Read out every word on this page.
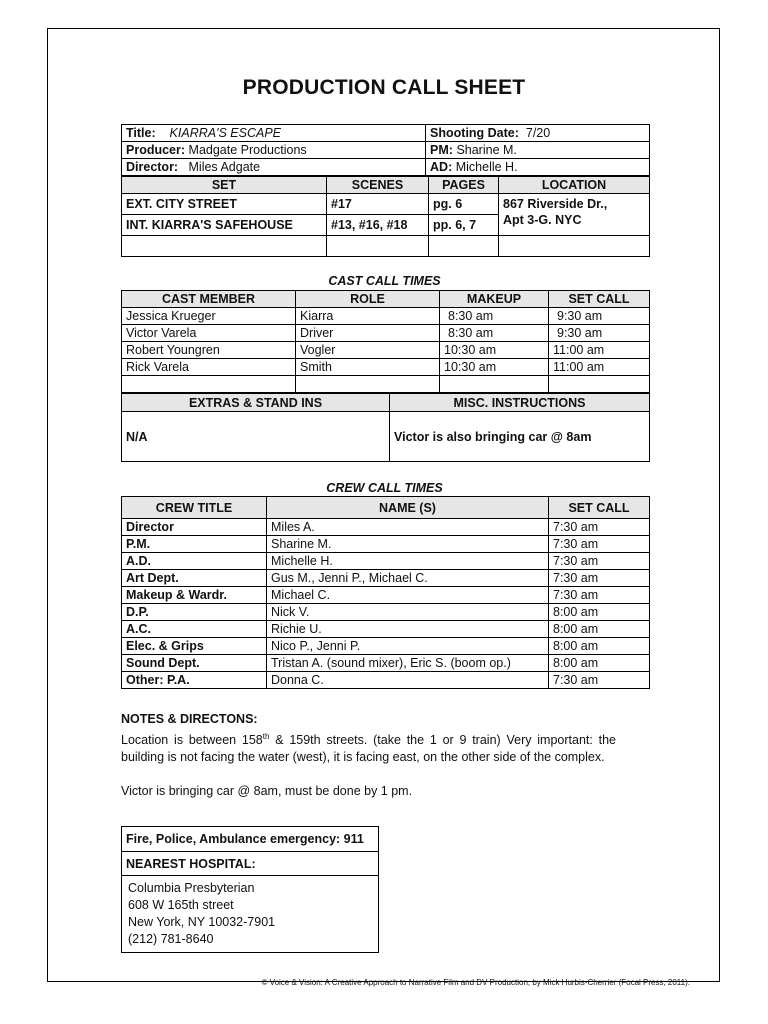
PRODUCTION CALL SHEET
Title: KIARRA'S ESCAPE	Shooting Date: 7/20
Producer: Madgate Productions	PM: Sharine M.
Director: Miles Adgate	AD: Michelle H.
SET	SCENES	PAGES	LOCATION
EXT. CITY STREET	#17	pg. 6	867 Riverside Dr.,
Apt 3-G. NYC

INT. KIARRA'S SAFEHOUSE	#13, #16, #18	pp. 6, 7	

CAST CALL TIMES
CAST MEMBER	ROLE	MAKEUP	SET CALL
Jessica Krueger	Kiarra	8:30 am	9:30 am
Victor Varela	Driver	8:30 am	9:30 am
Robert Youngren	Vogler	10:30 am	11:00 am
Rick Varela	Smith	10:30 am	11:00 am

EXTRAS & STAND INS	MISC. INSTRUCTIONS
N/A	Victor is also bringing car @ 8am
CREW CALL TIMES
CREW TITLE	NAME (S)	SET CALL
Director	Miles A.	7:30 am
P.M.	Sharine M.	7:30 am
A.D.	Michelle H.	7:30 am
Art Dept.	Gus M., Jenni P., Michael C.	7:30 am
Makeup & Wardr.	Michael C.	7:30 am
D.P.	Nick V.	8:00 am
A.C.	Richie U.	8:00 am
Elec. & Grips	Nico P., Jenni P.	8:00 am
Sound Dept.	Tristan A. (sound mixer), Eric S. (boom op.)	8:00 am
Other: P.A.	Donna C.	7:30 am
NOTES & DIRECTONS:
Location is between 158th & 159th streets. (take the 1 or 9 train) Very important: the building is not facing the water (west), it is facing east, on the other side of the complex.
Victor is bringing car @ 8am, must be done by 1 pm.
Fire, Police, Ambulance emergency: 911
NEAREST HOSPITAL:

Columbia Presbyterian
608 W 165th street
New York, NY 10032-7901
(212) 781-8640
© Voice & Vision: A Creative Approach to Narrative Film and DV Production, by Mick Hurbis-Cherrier (Focal Press, 2011).
